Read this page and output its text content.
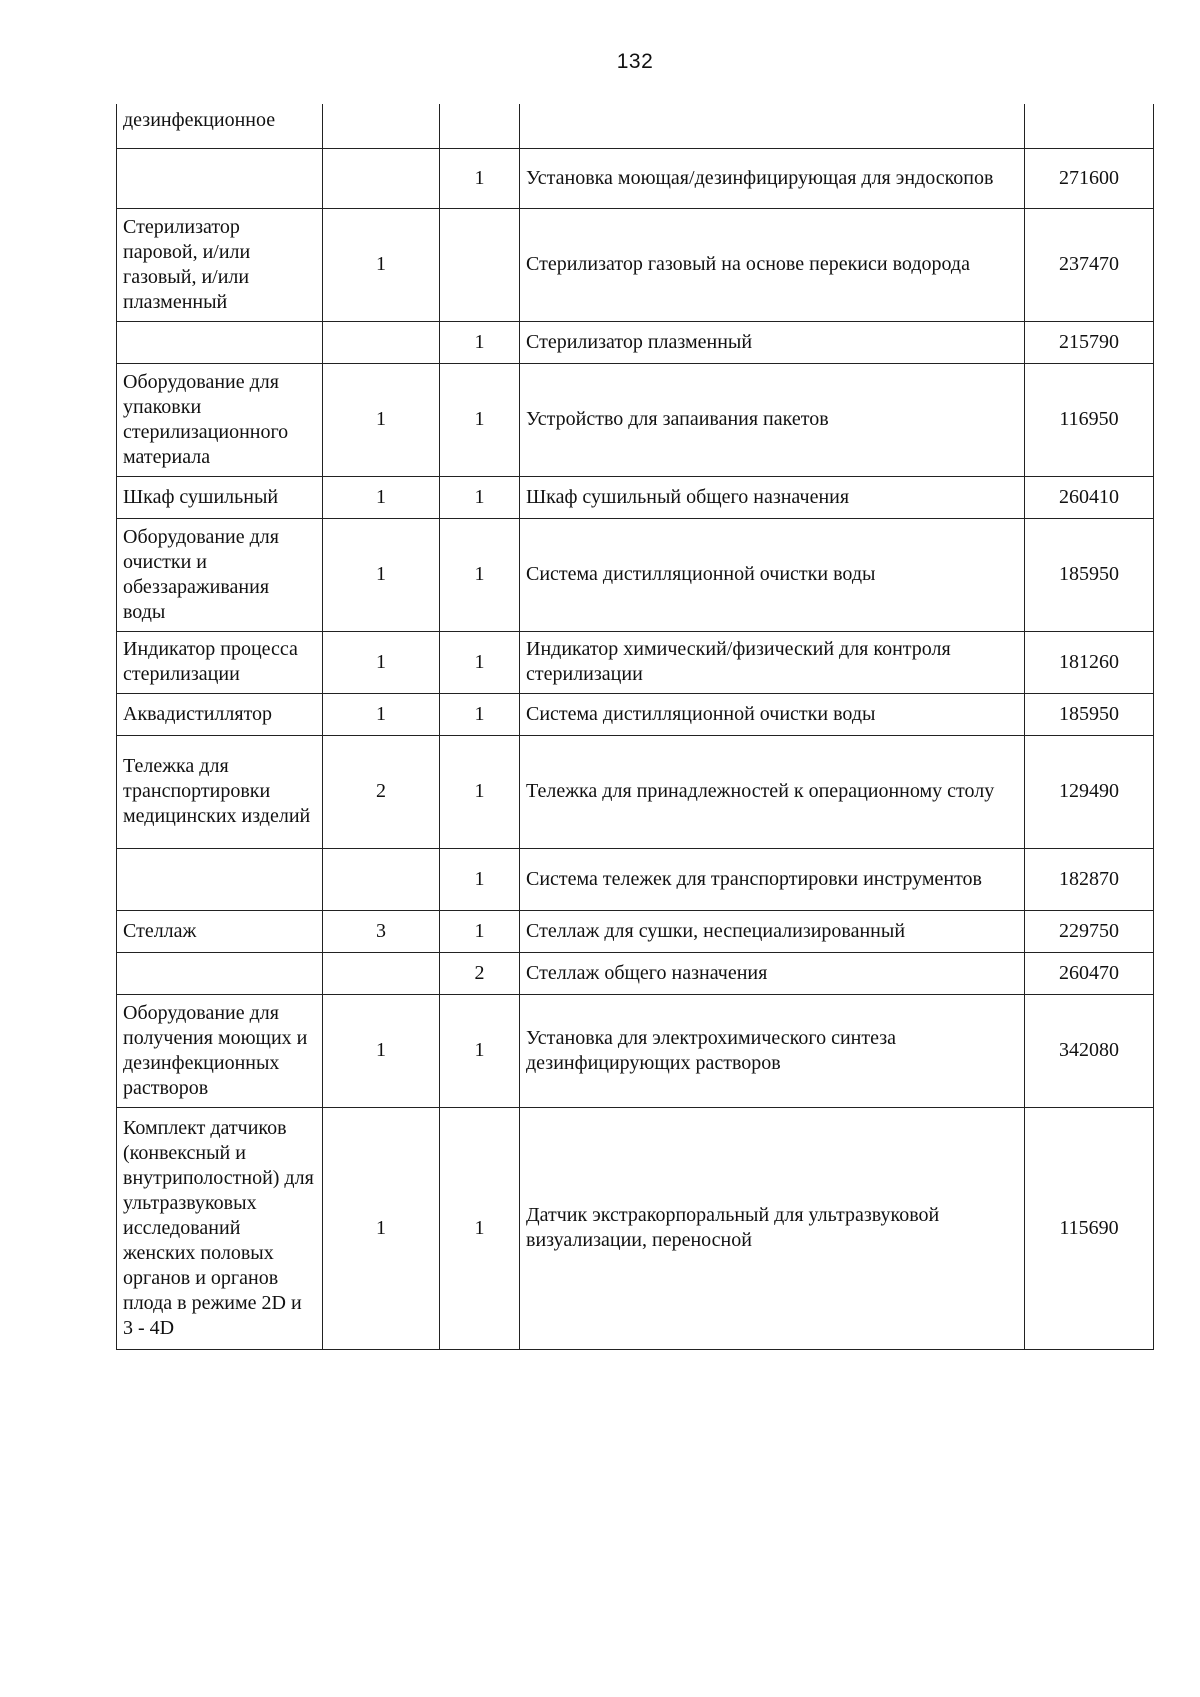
132
дезинфекционное				
		1	Установка моющая/дезинфицирующая для эндоскопов	271600
Стерилизатор паровой, и/или газовый, и/или плазменный	1		Стерилизатор газовый на основе перекиси водорода	237470
		1	Стерилизатор плазменный	215790
Оборудование для упаковки стерилизационного материала	1	1	Устройство для запаивания пакетов	116950
Шкаф сушильный	1	1	Шкаф сушильный общего назначения	260410
Оборудование для очистки и обеззараживания воды	1	1	Система дистилляционной очистки воды	185950
Индикатор процесса стерилизации	1	1	Индикатор химический/физический для контроля стерилизации	181260
Аквадистиллятор	1	1	Система дистилляционной очистки воды	185950
Тележка для транспортировки медицинских изделий	2	1	Тележка для принадлежностей к операционному столу	129490
		1	Система тележек для транспортировки инструментов	182870
Стеллаж	3	1	Стеллаж для сушки, неспециализированный	229750
		2	Стеллаж общего назначения	260470
Оборудование для получения моющих и дезинфекционных растворов	1	1	Установка для электрохимического синтеза дезинфицирующих растворов	342080
Комплект датчиков (конвексный и внутриполостной) для ультразвуковых исследований женских половых органов и органов плода в режиме 2D и 3 - 4D	1	1	Датчик экстракорпоральный для ультразвуковой визуализации, переносной	115690
